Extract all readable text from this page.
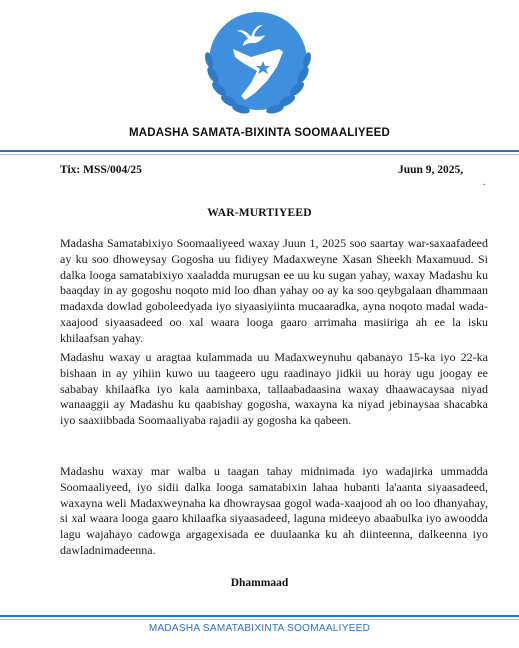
MADASHA SAMATA-BIXINTA SOOMAALIYEED
Tix: MSS/004/25	Juun 9, 2025,
.
WAR-MURTIYEED

Madasha Samatabixiyo Soomaaliyeed waxay Juun 1, 2025 soo saartay war-saxaafadeed ay ku soo dhoweysay Gogosha uu fidiyey Madaxweyne Xasan Sheekh Maxamuud. Si dalka looga samatabixiyo xaaladda murugsan ee uu ku sugan yahay, waxay Madashu ku baaqday in ay gogoshu noqoto mid loo dhan yahay oo ay ka soo qeybgalaan dhammaan madaxda dowlad goboleedyada iyo siyaasiyiinta mucaaradka, ayna noqoto madal wada-xaajood siyaasadeed oo xal waara looga gaaro arrimaha masiiriga ah ee la isku khilaafsan yahay.

Madashu waxay u aragtaa kulammada uu Madaxweynuhu qabanayo 15-ka iyo 22-ka bishaan in ay yihiin kuwo uu taageero ugu raadinayo jidkii uu horay ugu joogay ee sababay khilaafka iyo kala aaminbaxa, tallaabadaasina waxay dhaawacaysaa niyad wanaaggii ay Madashu ku qaabishay gogosha, waxayna ka niyad jebinaysaa shacabka iyo saaxiibbada Soomaaliyaba rajadii ay gogosha ka qabeen.

Madashu waxay mar walba u taagan tahay midnimada iyo wadajirka ummadda Soomaaliyeed, iyo sidii dalka looga samatabixin lahaa hubanti la'aanta siyaasadeed, waxayna weli Madaxweynaha ka dhowraysaa gogol wada-xaajood ah oo loo dhanyahay, si xal waara looga gaaro khilaafka siyaasadeed, laguna mideeyo abaabulka iyo awoodda lagu wajahayo cadowga argagexisada ee duulaanka ku ah diinteenna, dalkeenna iyo dawladnimadeenna.

Dhammaad
MADASHA SAMATABIXINTA SOOMAALIYEED
